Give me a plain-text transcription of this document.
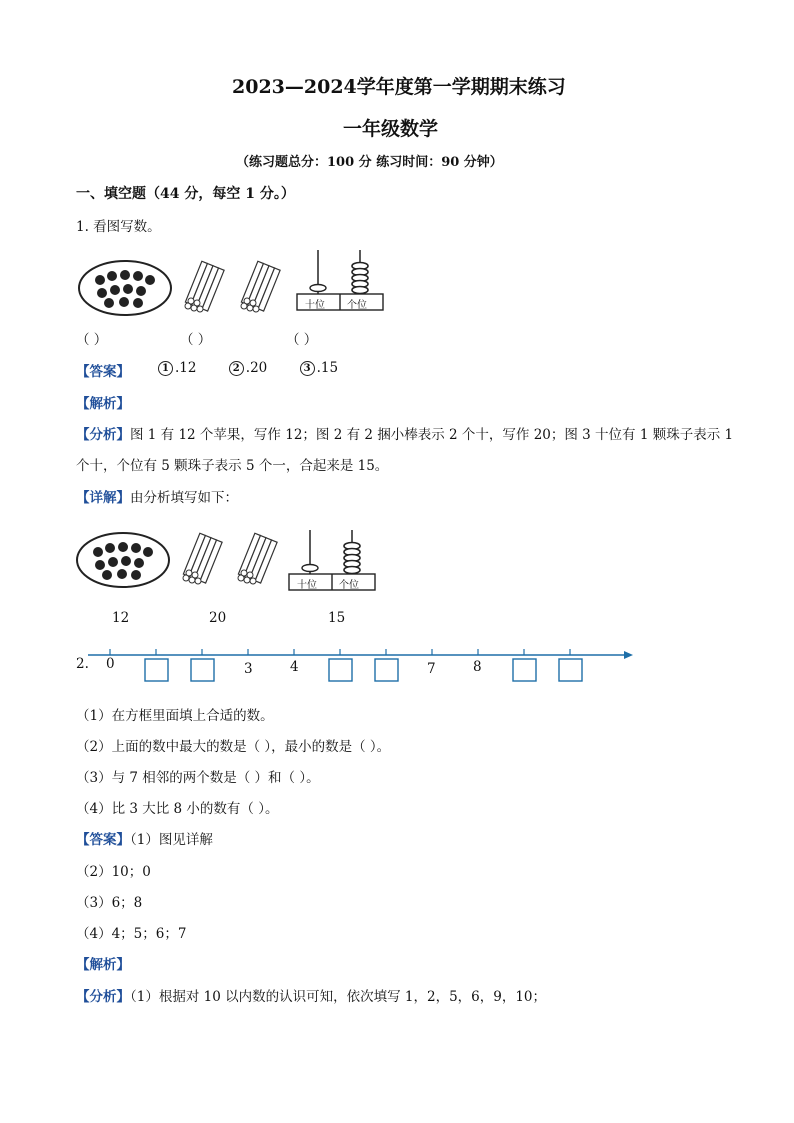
2023—2024学年度第一学期期末练习
一年级数学
（练习题总分：100 分 练习时间：90 分钟）
一、填空题（44 分，每空 1 分。）
1. 看图写数。
十位 个位
（ ）	（ ）	（ ）
【答案】	1 .12	2 .20	3 .15
【解析】
【分析】图 1 有 12 个苹果，写作 12；图 2 有 2 捆小棒表示 2 个十，写作 20；图 3 十位有 1 颗珠子表示 1
个十，个位有 5 颗珠子表示 5 个一，合起来是 15。
【详解】由分析填写如下：
十位 个位
12	20	15
2. 0	3	4	7	8
（1）在方框里面填上合适的数。
（2）上面的数中最大的数是（ ），最小的数是（ ）。
（3）与 7 相邻的两个数是（ ）和（ ）。
（4）比 3 大比 8 小的数有（ ）。
【答案】（1）图见详解
（2）10；0
（3）6；8
（4）4；5；6；7
【解析】
【分析】（1）根据对 10 以内数的认识可知，依次填写 1，2，5，6，9，10；
